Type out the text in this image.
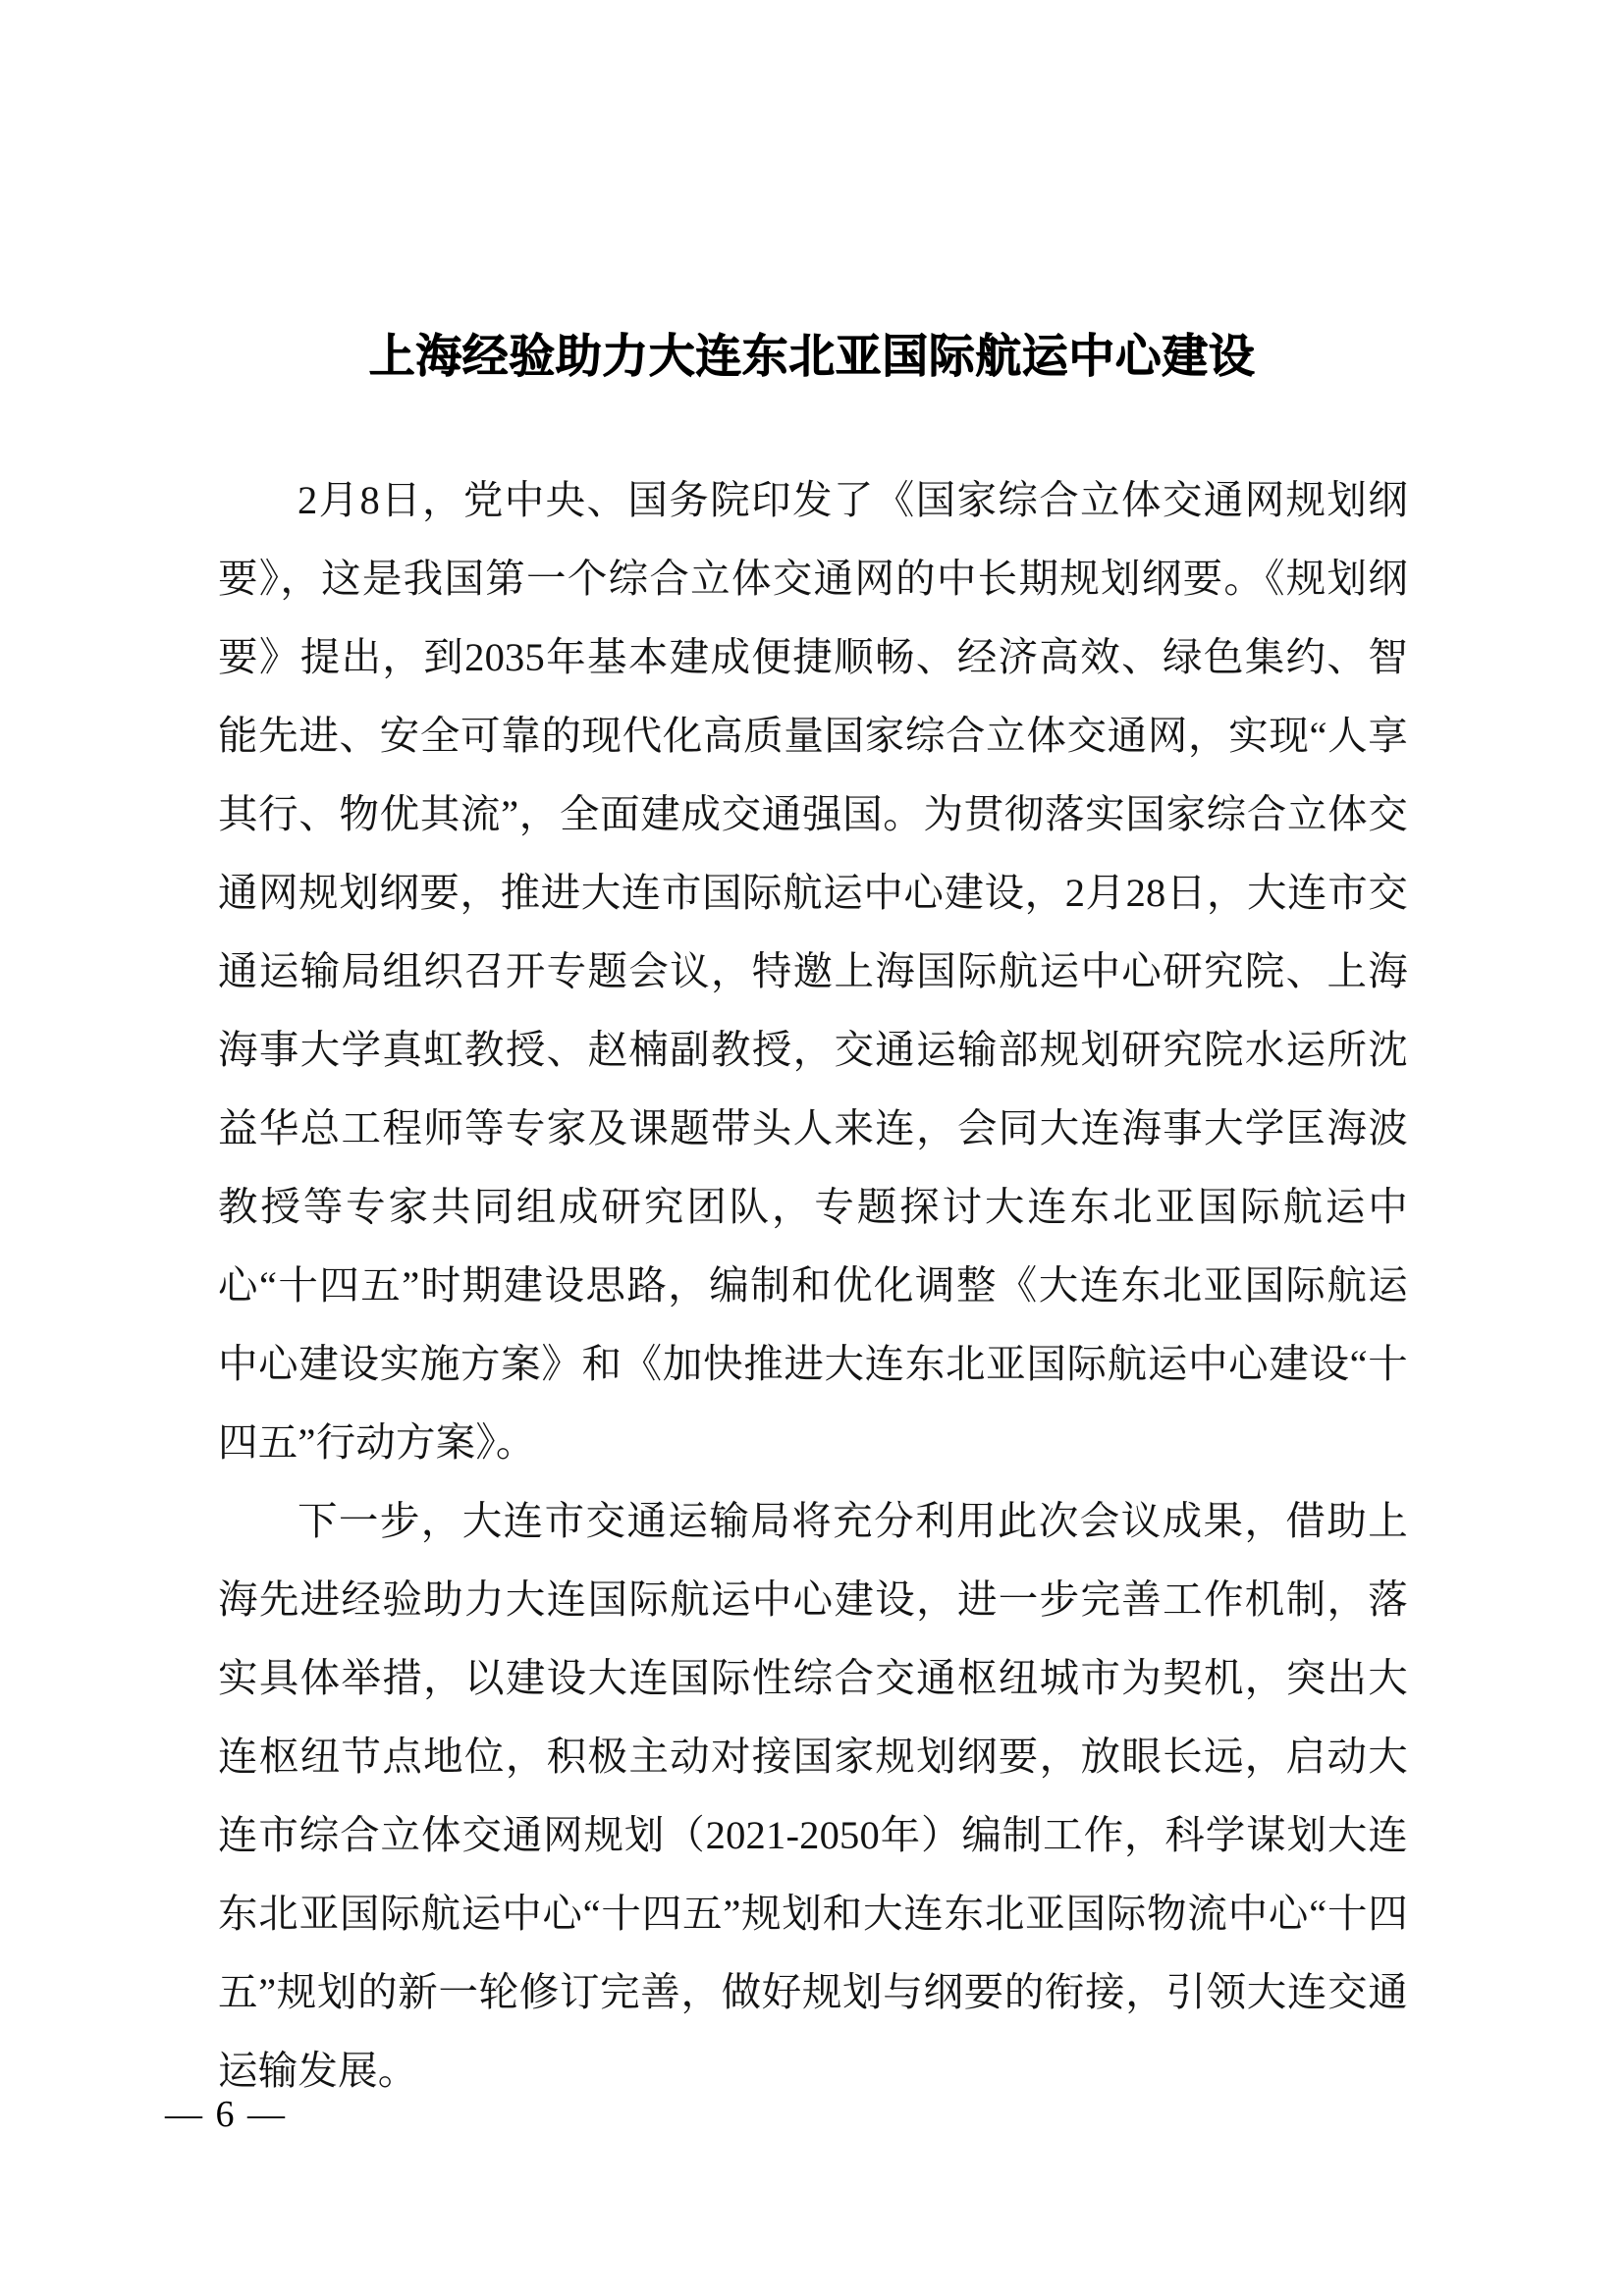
上海经验助力大连东北亚国际航运中心建设

2月8日，党中央、国务院印发了《国家综合立体交通网规划纲要》，这是我国第一个综合立体交通网的中长期规划纲要。《规划纲要》提出，到2035年基本建成便捷顺畅、经济高效、绿色集约、智能先进、安全可靠的现代化高质量国家综合立体交通网，实现“人享其行、物优其流”，全面建成交通强国。为贯彻落实国家综合立体交通网规划纲要，推进大连市国际航运中心建设，2月28日，大连市交通运输局组织召开专题会议，特邀上海国际航运中心研究院、上海海事大学真虹教授、赵楠副教授，交通运输部规划研究院水运所沈益华总工程师等专家及课题带头人来连，会同大连海事大学匡海波教授等专家共同组成研究团队，专题探讨大连东北亚国际航运中心“十四五”时期建设思路，编制和优化调整《大连东北亚国际航运中心建设实施方案》和《加快推进大连东北亚国际航运中心建设“十四五”行动方案》。

下一步，大连市交通运输局将充分利用此次会议成果，借助上海先进经验助力大连国际航运中心建设，进一步完善工作机制，落实具体举措，以建设大连国际性综合交通枢纽城市为契机，突出大连枢纽节点地位，积极主动对接国家规划纲要，放眼长远，启动大连市综合立体交通网规划（2021-2050年）编制工作，科学谋划大连东北亚国际航运中心“十四五”规划和大连东北亚国际物流中心“十四五”规划的新一轮修订完善，做好规划与纲要的衔接，引领大连交通运输发展。

— 6 —
